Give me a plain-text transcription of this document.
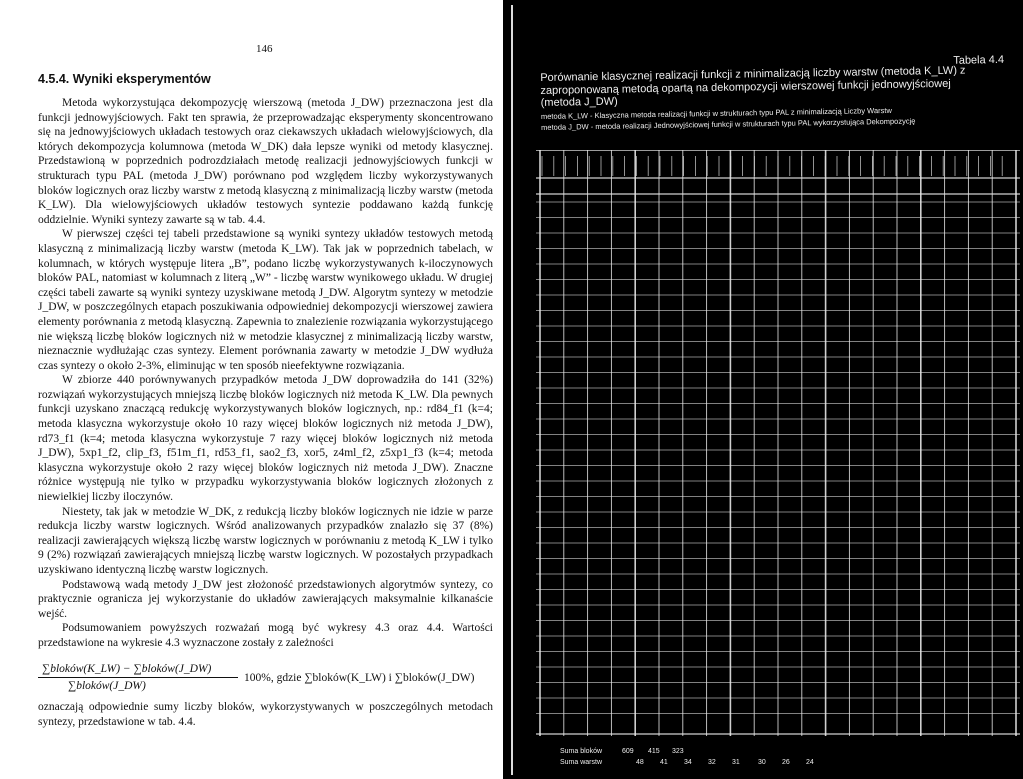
146
4.5.4. Wyniki eksperymentów

Metoda wykorzystująca dekompozycję wierszową (metoda J_DW) przeznaczona jest dla funkcji jednowyjściowych. Fakt ten sprawia, że przeprowadzając eksperymenty skoncentrowano się na jednowyjściowych układach testowych oraz ciekawszych układach wielowyjściowych, dla których dekompozycja kolumnowa (metoda W_DK) dała lepsze wyniki od metody klasycznej. Przedstawioną w poprzednich podrozdziałach metodę realizacji jednowyjściowych funkcji w strukturach typu PAL (metoda J_DW) porównano pod względem liczby wykorzystywanych bloków logicznych oraz liczby warstw z metodą klasyczną z minimalizacją liczby warstw (metoda K_LW). Dla wielowyjściowych układów testowych syntezie poddawano każdą funkcję oddzielnie. Wyniki syntezy zawarte są w tab. 4.4.

W pierwszej części tej tabeli przedstawione są wyniki syntezy układów testowych metodą klasyczną z minimalizacją liczby warstw (metoda K_LW). Tak jak w poprzednich tabelach, w kolumnach, w których występuje litera „B”, podano liczbę wykorzystywanych k-iloczynowych bloków PAL, natomiast w kolumnach z literą „W” - liczbę warstw wynikowego układu. W drugiej części tabeli zawarte są wyniki syntezy uzyskiwane metodą J_DW. Algorytm syntezy w metodzie J_DW, w poszczególnych etapach poszukiwania odpowiedniej dekompozycji wierszowej zawiera elementy porównania z metodą klasyczną. Zapewnia to znalezienie rozwiązania wykorzystującego nie większą liczbę bloków logicznych niż w metodzie klasycznej z minimalizacją liczby warstw, nieznacznie wydłużając czas syntezy. Element porównania zawarty w metodzie J_DW wydłuża czas syntezy o około 2-3%, eliminując w ten sposób nieefektywne rozwiązania.

W zbiorze 440 porównywanych przypadków metoda J_DW doprowadziła do 141 (32%) rozwiązań wykorzystujących mniejszą liczbę bloków logicznych niż metoda K_LW. Dla pewnych funkcji uzyskano znaczącą redukcję wykorzystywanych bloków logicznych, np.: rd84_f1 (k=4; metoda klasyczna wykorzystuje około 10 razy więcej bloków logicznych niż metoda J_DW), rd73_f1 (k=4; metoda klasyczna wykorzystuje 7 razy więcej bloków logicznych niż metoda J_DW), 5xp1_f2, clip_f3, f51m_f1, rd53_f1, sao2_f3, xor5, z4ml_f2, z5xp1_f3 (k=4; metoda klasyczna wykorzystuje około 2 razy więcej bloków logicznych niż metoda J_DW). Znaczne różnice występują nie tylko w przypadku wykorzystywania bloków logicznych złożonych z niewielkiej liczby iloczynów.

Niestety, tak jak w metodzie W_DK, z redukcją liczby bloków logicznych nie idzie w parze redukcja liczby warstw logicznych. Wśród analizowanych przypadków znalazło się 37 (8%) realizacji zawierających większą liczbę warstw logicznych w porównaniu z metodą K_LW i tylko 9 (2%) rozwiązań zawierających mniejszą liczbę warstw logicznych. W pozostałych przypadkach uzyskiwano identyczną liczbę warstw logicznych.

Podstawową wadą metody J_DW jest złożoność przedstawionych algorytmów syntezy, co praktycznie ogranicza jej wykorzystanie do układów zawierających maksymalnie kilkanaście wejść.

Podsumowaniem powyższych rozważań mogą być wykresy 4.3 oraz 4.4. Wartości przedstawione na wykresie 4.3 wyznaczone zostały z zależności

∑bloków(K_LW) − ∑bloków(J_DW)
∑bloków(J_DW)
100%, gdzie ∑bloków(K_LW) i ∑bloków(J_DW)
oznaczają odpowiednie sumy liczby bloków, wykorzystywanych w poszczególnych metodach syntezy, przedstawione w tab. 4.4.
Tabela 4.4
Porównanie klasycznej realizacji funkcji z minimalizacją liczby warstw (metoda K_LW) z zaproponowaną metodą opartą na dekompozycji wierszowej funkcji jednowyjściowej (metoda J_DW)
metoda K_LW - Klasyczna metoda realizacji funkcji w strukturach typu PAL z minimalizacją Liczby Warstw
metoda J_DW - metoda realizacji Jednowyjściowej funkcji w strukturach typu PAL wykorzystująca Dekompozycję
Suma bloków	609 415 323
Suma warstw	48 41 34 32 31	30 26 24
